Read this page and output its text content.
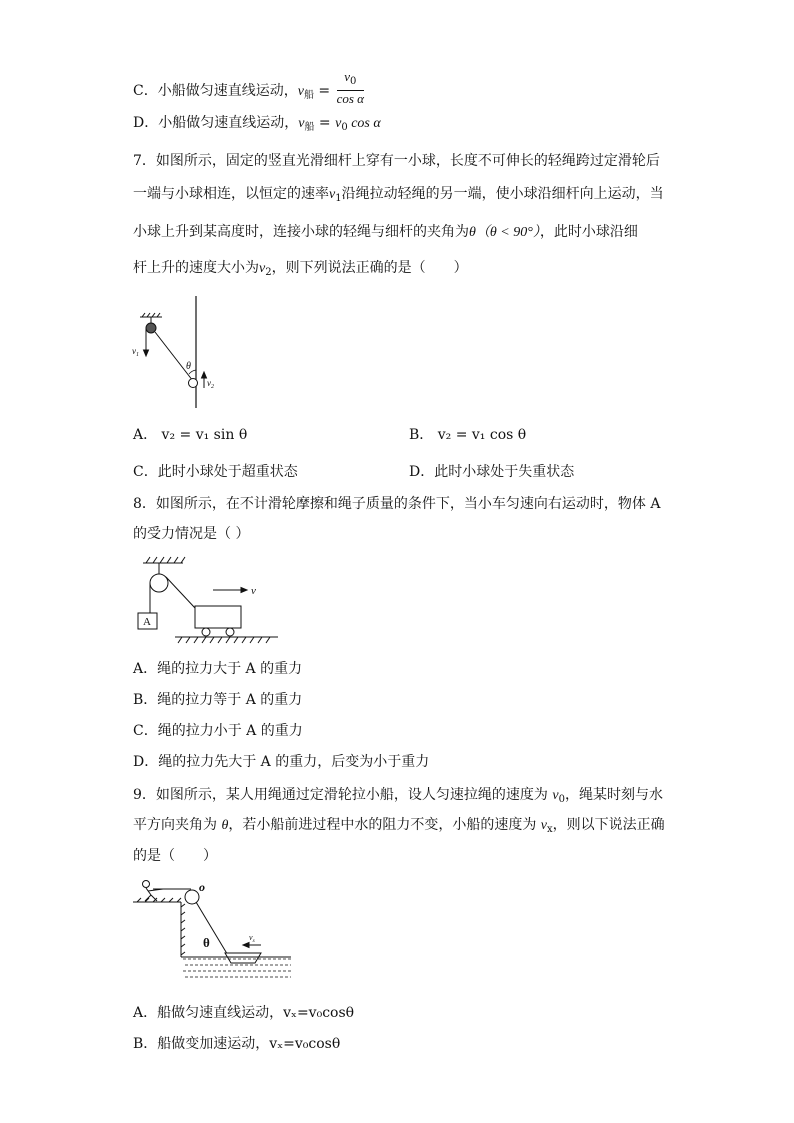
C．小船做匀速直线运动，$v_船 = \frac{v_0}{\text{cos α}}$
D．小船做匀速直线运动，$v_船 = v_0$ cos α
7．如图所示，固定的竖直光滑细杆上穿有一小球，长度不可伸长的轻绳跨过定滑轮后
一端与小球相连，以恒定的速率$v_1$沿绳拉动轻绳的另一端，使小球沿细杆向上运动，当
小球上升到某高度时，连接小球的轻绳与细杆的夹角为θ（θ < 90°），此时小球沿细
杆上升的速度大小为$v_2$，则下列说法正确的是（　　）
$v_1$
θ
$v_2$
A． v₂ = v₁ sin θ	B． v₂ = v₁ cos θ
C．此时小球处于超重状态	D．此时小球处于失重状态
8．如图所示，在不计滑轮摩擦和绳子质量的条件下，当小车匀速向右运动时，物体 A
的受力情况是（ ）
A
v
A．绳的拉力大于 A 的重力
B．绳的拉力等于 A 的重力
C．绳的拉力小于 A 的重力
D．绳的拉力先大于 A 的重力，后变为小于重力
9．如图所示，某人用绳通过定滑轮拉小船，设人匀速拉绳的速度为 $v_0$，绳某时刻与水
平方向夹角为 θ，若小船前进过程中水的阻力不变，小船的速度为 $v_x$，则以下说法正确
的是（　　）
o
θ	$v_x$
A．船做匀速直线运动，vₓ=v₀cosθ
B．船做变加速运动，vₓ=v₀cosθ
